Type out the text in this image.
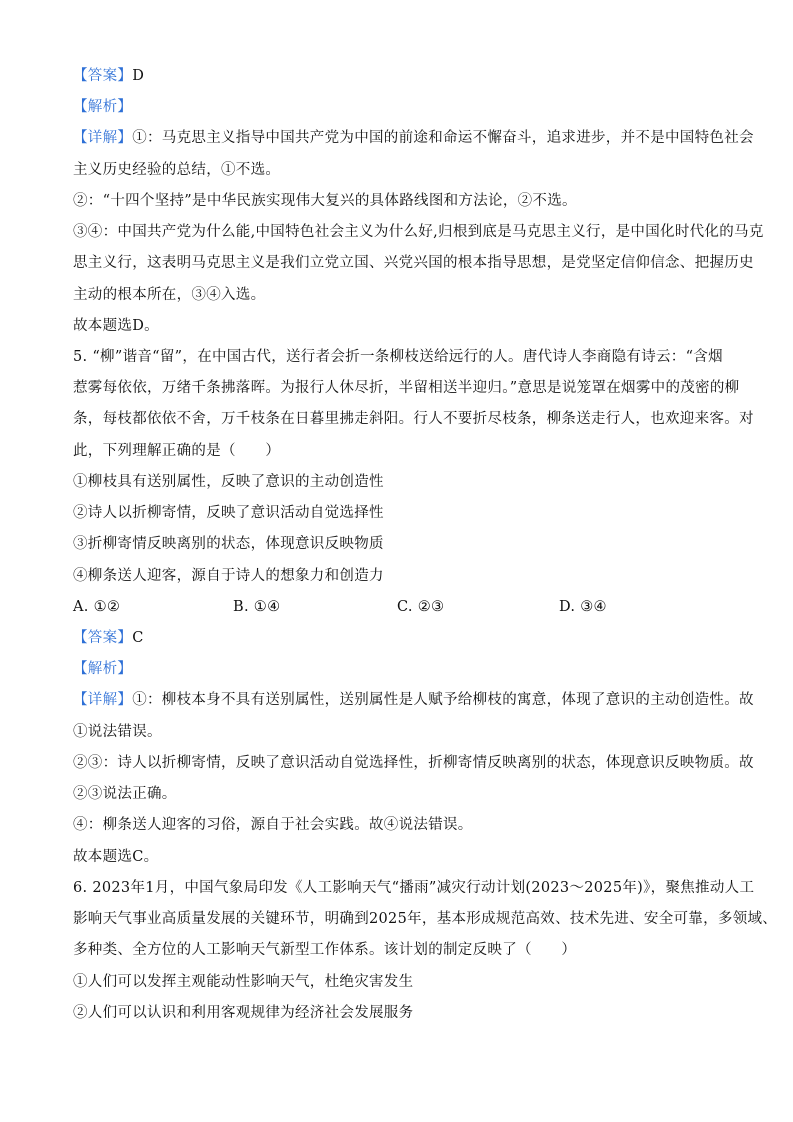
【答案】D
【解析】
【详解】①：马克思主义指导中国共产党为中国的前途和命运不懈奋斗，追求进步，并不是中国特色社会
主义历史经验的总结，①不选。
②：“十四个坚持”是中华民族实现伟大复兴的具体路线图和方法论，②不选。
③④：中国共产党为什么能,中国特色社会主义为什么好,归根到底是马克思主义行，是中国化时代化的马克
思主义行，这表明马克思主义是我们立党立国、兴党兴国的根本指导思想，是党坚定信仰信念、把握历史
主动的根本所在，③④入选。
故本题选D。
5. “柳”谐音“留”，在中国古代，送行者会折一条柳枝送给远行的人。唐代诗人李商隐有诗云：“含烟
惹雾每依依，万绪千条拂落晖。为报行人休尽折，半留相送半迎归。”意思是说笼罩在烟雾中的茂密的柳
条，每枝都依依不舍，万千枝条在日暮里拂走斜阳。行人不要折尽枝条，柳条送走行人，也欢迎来客。对
此，下列理解正确的是（　　）
①柳枝具有送别属性，反映了意识的主动创造性
②诗人以折柳寄情，反映了意识活动自觉选择性
③折柳寄情反映离别的状态，体现意识反映物质
④柳条送人迎客，源自于诗人的想象力和创造力
A. ①②	B. ①④	C. ②③	D. ③④
【答案】C
【解析】
【详解】①：柳枝本身不具有送别属性，送别属性是人赋予给柳枝的寓意，体现了意识的主动创造性。故
①说法错误。
②③：诗人以折柳寄情，反映了意识活动自觉选择性，折柳寄情反映离别的状态，体现意识反映物质。故
②③说法正确。
④：柳条送人迎客的习俗，源自于社会实践。故④说法错误。
故本题选C。
6. 2023年1月，中国气象局印发《人工影响天气“播雨”减灾行动计划(2023～2025年)》，聚焦推动人工
影响天气事业高质量发展的关键环节，明确到2025年，基本形成规范高效、技术先进、安全可靠，多领域、
多种类、全方位的人工影响天气新型工作体系。该计划的制定反映了（　　）
①人们可以发挥主观能动性影响天气，杜绝灾害发生
②人们可以认识和利用客观规律为经济社会发展服务
